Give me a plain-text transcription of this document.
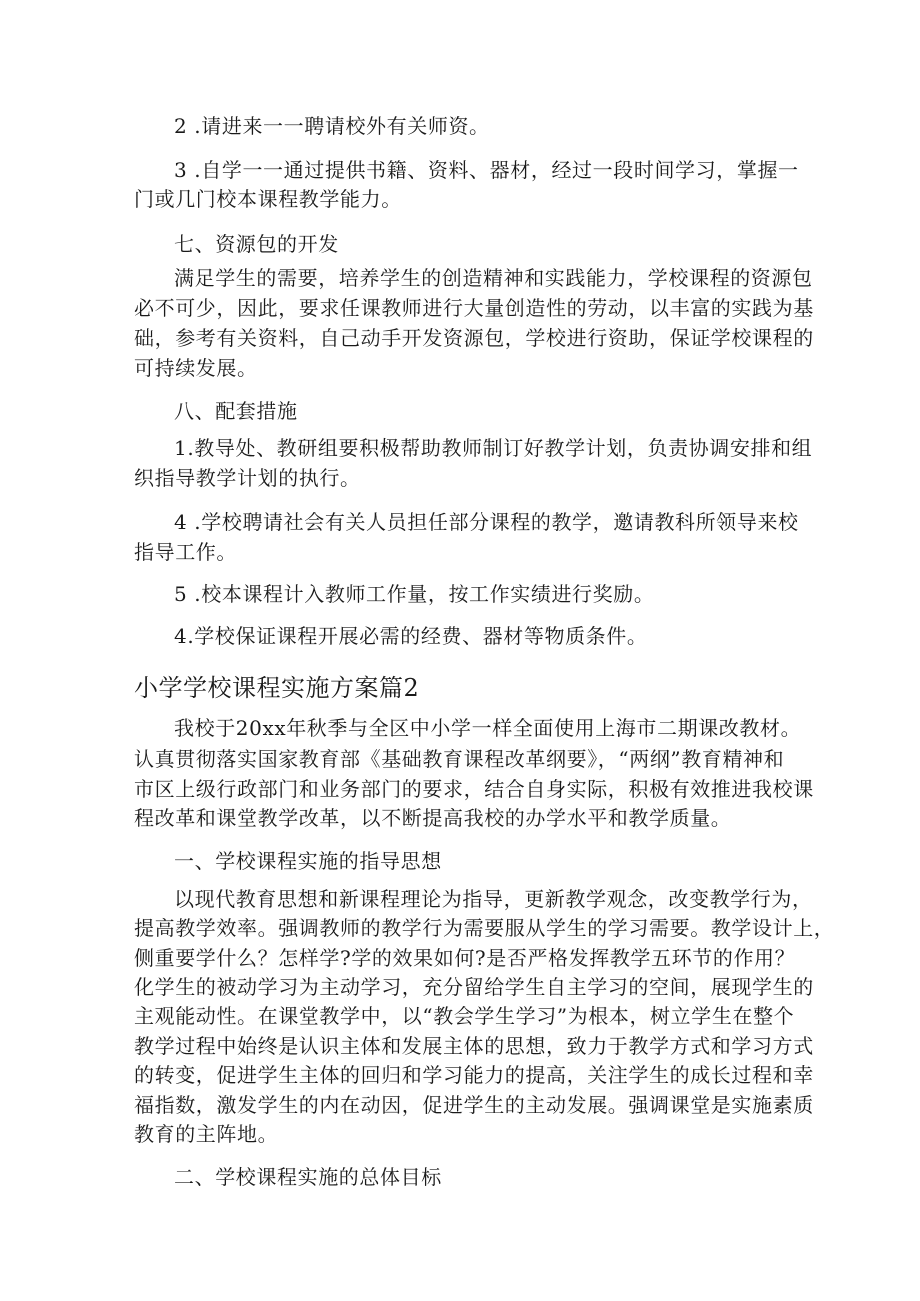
2 .请进来一一聘请校外有关师资。
3 .自学一一通过提供书籍、资料、器材，经过一段时间学习，掌握一
门或几门校本课程教学能力。
七、资源包的开发
满足学生的需要，培养学生的创造精神和实践能力，学校课程的资源包
必不可少，因此，要求任课教师进行大量创造性的劳动，以丰富的实践为基
础，参考有关资料，自己动手开发资源包，学校进行资助，保证学校课程的
可持续发展。
八、配套措施
1.教导处、教研组要积极帮助教师制订好教学计划，负责协调安排和组
织指导教学计划的执行。
4 .学校聘请社会有关人员担任部分课程的教学，邀请教科所领导来校
指导工作。
5 .校本课程计入教师工作量，按工作实绩进行奖励。
4.学校保证课程开展必需的经费、器材等物质条件。
小学学校课程实施方案篇2
我校于20xx年秋季与全区中小学一样全面使用上海市二期课改教材。
认真贯彻落实国家教育部《基础教育课程改革纲要》，“两纲”教育精神和
市区上级行政部门和业务部门的要求，结合自身实际，积极有效推进我校课
程改革和课堂教学改革，以不断提高我校的办学水平和教学质量。
一、学校课程实施的指导思想
以现代教育思想和新课程理论为指导，更新教学观念，改变教学行为，
提高教学效率。强调教师的教学行为需要服从学生的学习需要。教学设计上，
侧重要学什么？怎样学?学的效果如何?是否严格发挥教学五环节的作用？
化学生的被动学习为主动学习，充分留给学生自主学习的空间，展现学生的
主观能动性。在课堂教学中，以“教会学生学习”为根本，树立学生在整个
教学过程中始终是认识主体和发展主体的思想，致力于教学方式和学习方式
的转变，促进学生主体的回归和学习能力的提高，关注学生的成长过程和幸
福指数，激发学生的内在动因，促进学生的主动发展。强调课堂是实施素质
教育的主阵地。
二、学校课程实施的总体目标
